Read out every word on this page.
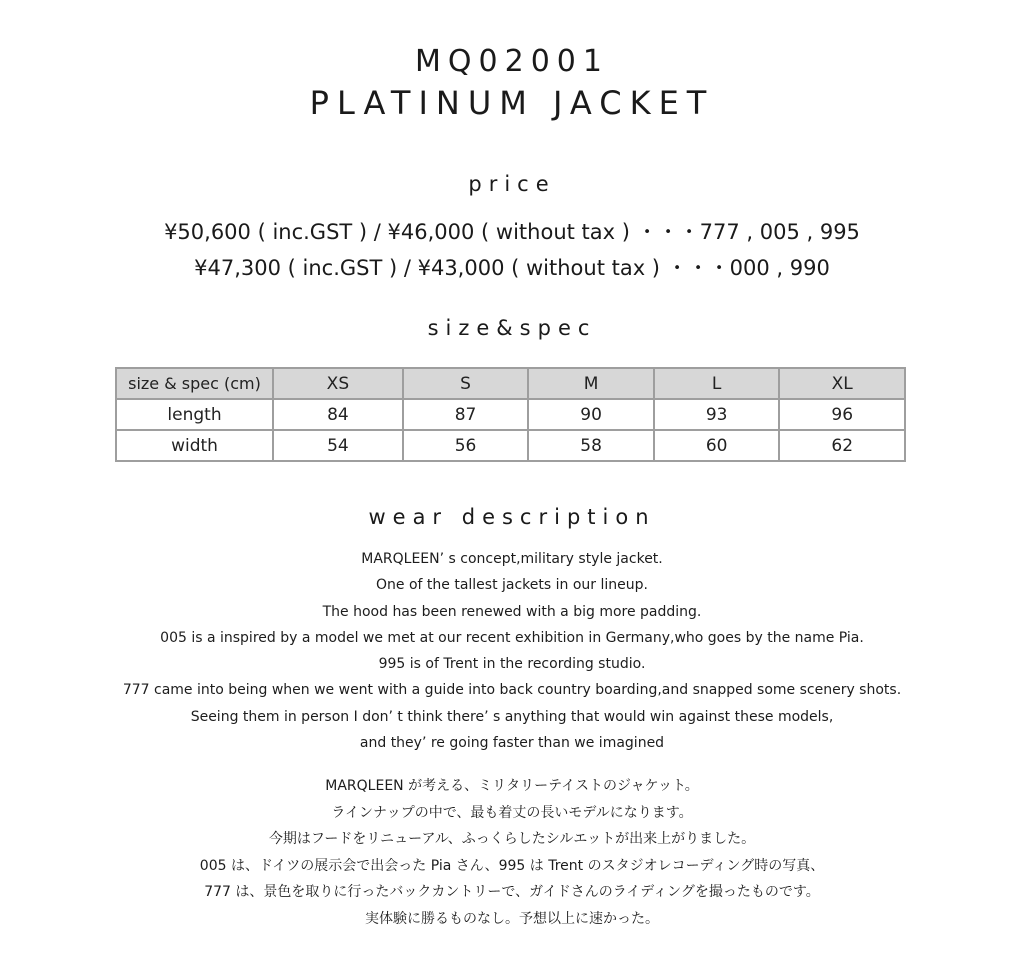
MQ02001
PLATINUM JACKET
price
¥50,600 ( inc.GST ) / ¥46,000 ( without tax ) ・・・777 , 005 , 995
¥47,300 ( inc.GST ) / ¥43,000 ( without tax ) ・・・000 , 990
size&spec
size & spec (cm)	XS	S	M	L	XL
length	84	87	90	93	96
width	54	56	58	60	62
wear description
MARQLEEN’ s concept,military style jacket.
One of the tallest jackets in our lineup.
The hood has been renewed with a big more padding.
005 is a inspired by a model we met at our recent exhibition in Germany,who goes by the name Pia.
995 is of Trent in the recording studio.
777 came into being when we went with a guide into back country boarding,and snapped some scenery shots.
Seeing them in person I don’ t think there’ s anything that would win against these models,
and they’ re going faster than we imagined
MARQLEEN が考える、ミリタリーテイストのジャケット。
ラインナップの中で、最も着丈の長いモデルになります。
今期はフードをリニューアル、ふっくらしたシルエットが出来上がりました。
005 は、ドイツの展示会で出会った Pia さん、995 は Trent のスタジオレコーディング時の写真、
777 は、景色を取りに行ったバックカントリーで、ガイドさんのライディングを撮ったものです。
実体験に勝るものなし。予想以上に速かった。
